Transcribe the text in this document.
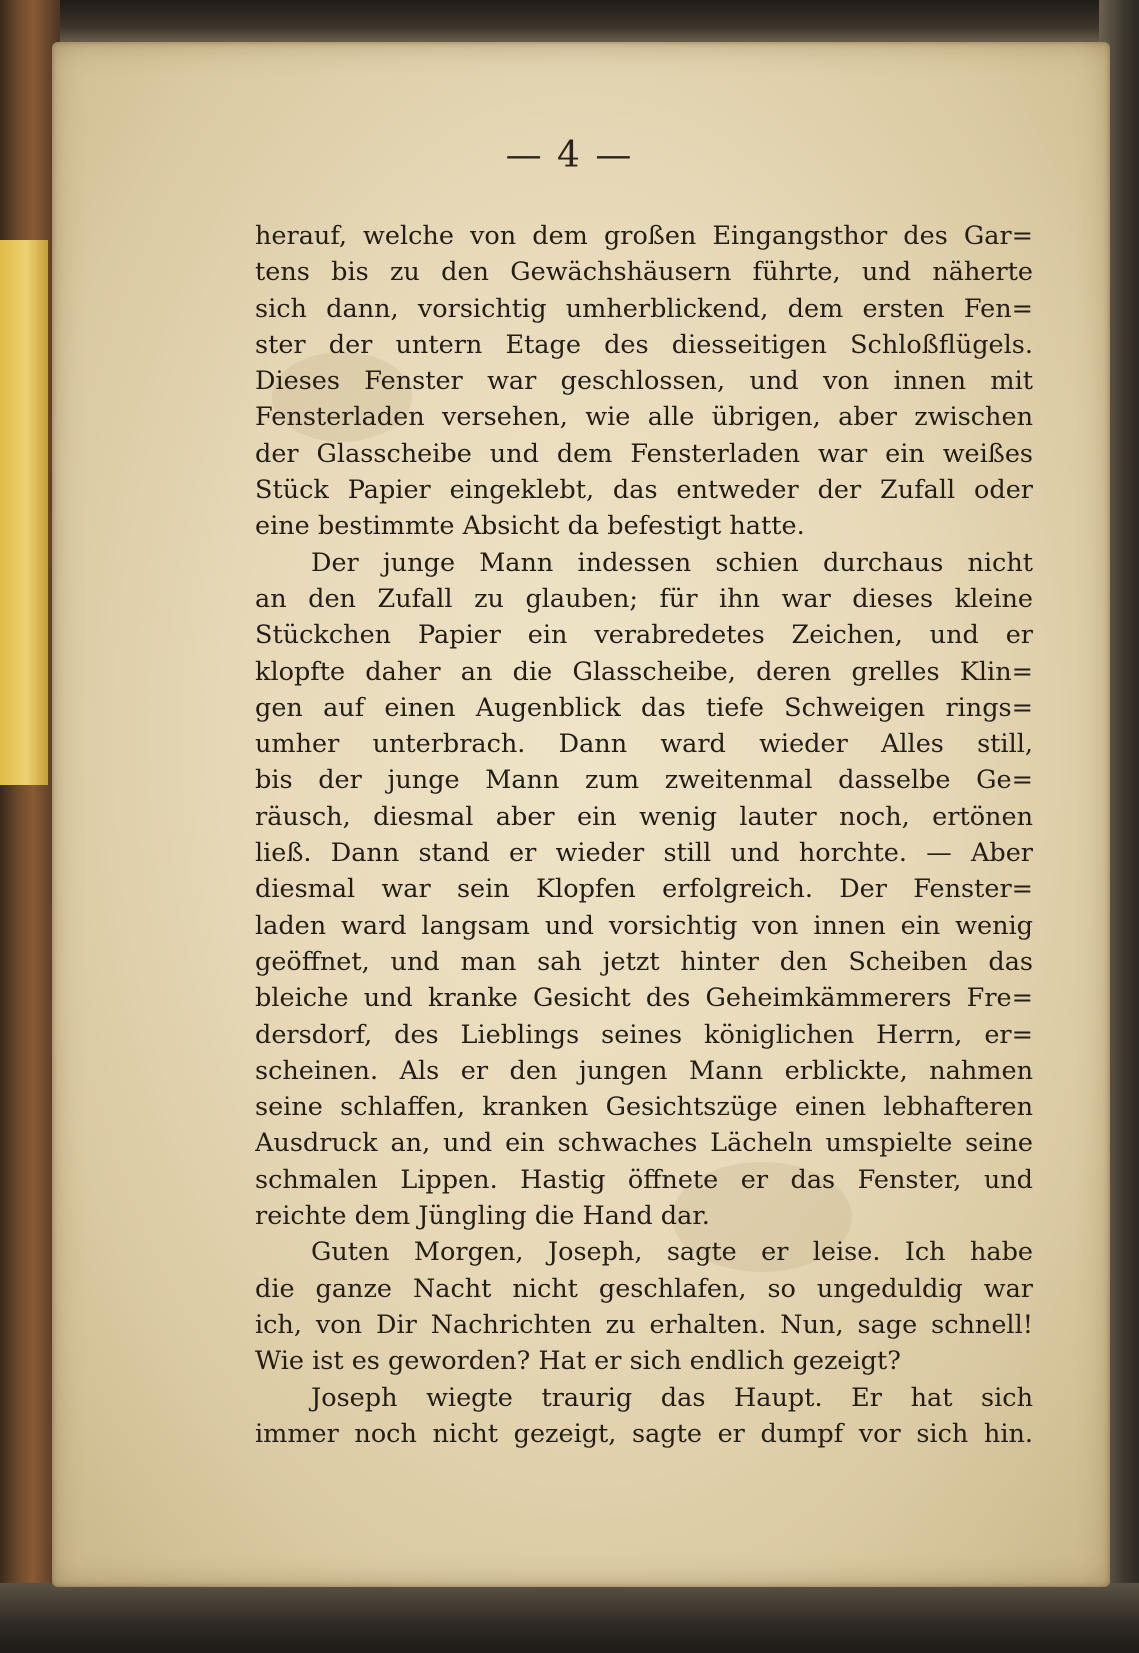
— 4 —
herauf, welche von dem großen Eingangsthor des Gar=
tens bis zu den Gewächshäusern führte, und näherte
sich dann, vorsichtig umherblickend, dem ersten Fen=
ster der untern Etage des diesseitigen Schloßflügels.
Dieses Fenster war geschlossen, und von innen mit
Fensterladen versehen, wie alle übrigen, aber zwischen
der Glasscheibe und dem Fensterladen war ein weißes
Stück Papier eingeklebt, das entweder der Zufall oder
eine bestimmte Absicht da befestigt hatte.
Der junge Mann indessen schien durchaus nicht
an den Zufall zu glauben; für ihn war dieses kleine
Stückchen Papier ein verabredetes Zeichen, und er
klopfte daher an die Glasscheibe, deren grelles Klin=
gen auf einen Augenblick das tiefe Schweigen rings=
umher unterbrach. Dann ward wieder Alles still,
bis der junge Mann zum zweitenmal dasselbe Ge=
räusch, diesmal aber ein wenig lauter noch, ertönen
ließ. Dann stand er wieder still und horchte. — Aber
diesmal war sein Klopfen erfolgreich. Der Fenster=
laden ward langsam und vorsichtig von innen ein wenig
geöffnet, und man sah jetzt hinter den Scheiben das
bleiche und kranke Gesicht des Geheimkämmerers Fre=
dersdorf, des Lieblings seines königlichen Herrn, er=
scheinen. Als er den jungen Mann erblickte, nahmen
seine schlaffen, kranken Gesichtszüge einen lebhafteren
Ausdruck an, und ein schwaches Lächeln umspielte seine
schmalen Lippen. Hastig öffnete er das Fenster, und
reichte dem Jüngling die Hand dar.
Guten Morgen, Joseph, sagte er leise. Ich habe
die ganze Nacht nicht geschlafen, so ungeduldig war
ich, von Dir Nachrichten zu erhalten. Nun, sage schnell!
Wie ist es geworden? Hat er sich endlich gezeigt?
Joseph wiegte traurig das Haupt. Er hat sich
immer noch nicht gezeigt, sagte er dumpf vor sich hin.
